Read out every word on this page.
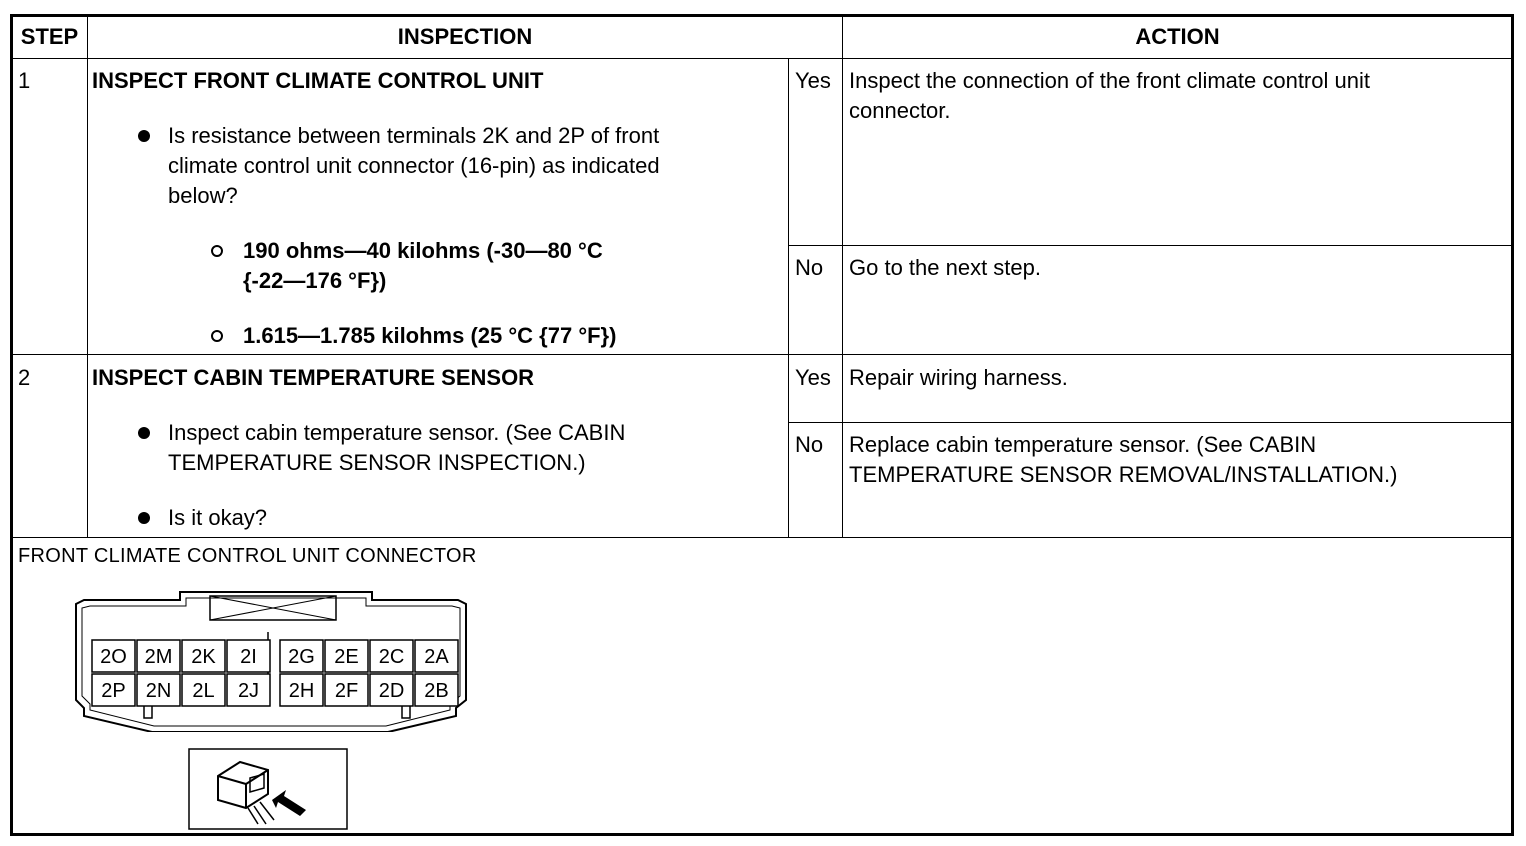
STEP	INSPECTION	ACTION
1	INSPECT FRONT CLIMATE CONTROL UNIT
Is resistance between terminals 2K and 2P of front
climate control unit connector (16-pin) as indicated
below?
190 ohms—40 kilohms (-30—80 °C
{-22—176 °F})
1.615—1.785 kilohms (25 °C {77 °F})
Yes Inspect the connection of the front climate control unit
connector.
No Go to the next step.
2	INSPECT CABIN TEMPERATURE SENSOR
Inspect cabin temperature sensor. (See CABIN
TEMPERATURE SENSOR INSPECTION.)
Is it okay?
Yes Repair wiring harness.
No Replace cabin temperature sensor. (See CABIN
TEMPERATURE SENSOR REMOVAL/INSTALLATION.)
FRONT CLIMATE CONTROL UNIT CONNECTOR
2O 2M 2K 2I 2G 2E 2C 2A
2P 2N 2L 2J 2H 2F 2D 2B
